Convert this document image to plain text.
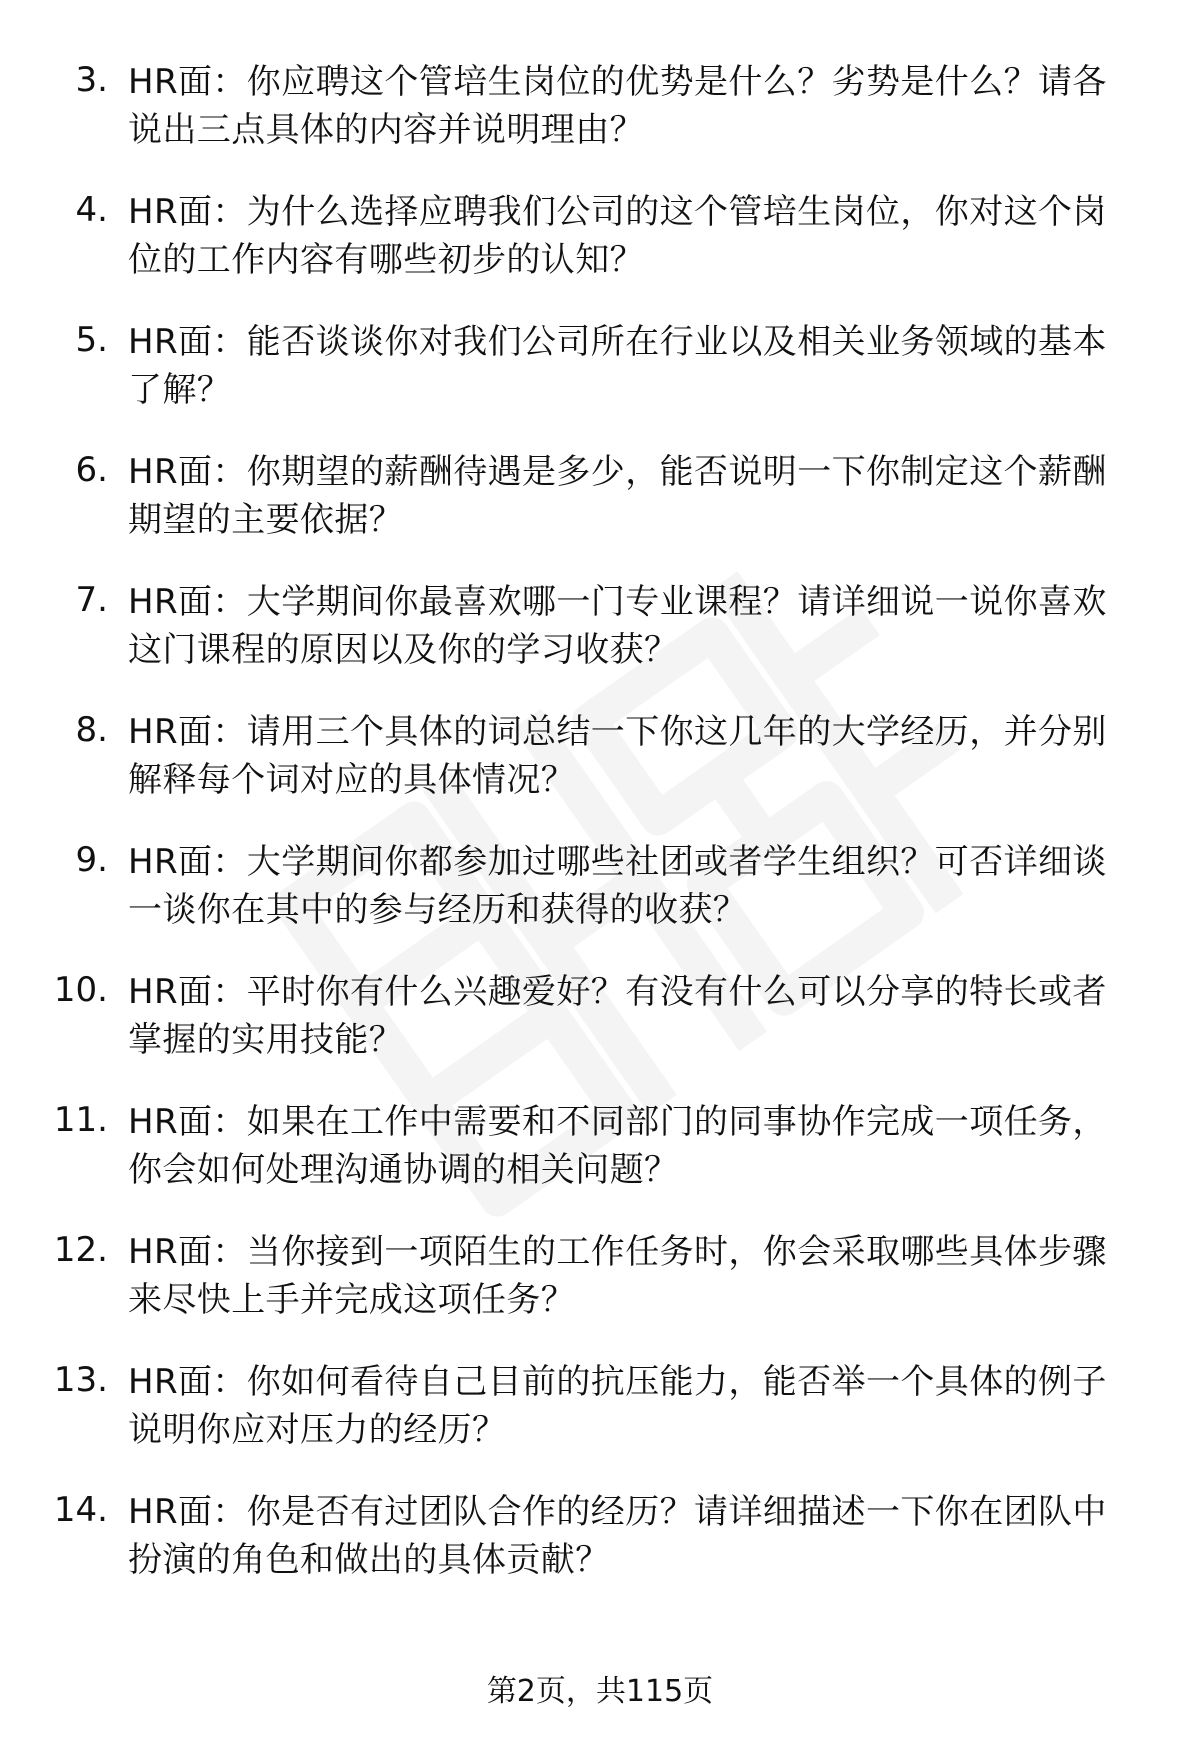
3. HR面：你应聘这个管培生岗位的优势是什么？劣势是什么？请各
说出三点具体的内容并说明理由？
4. HR面：为什么选择应聘我们公司的这个管培生岗位，你对这个岗
位的工作内容有哪些初步的认知？
5. HR面：能否谈谈你对我们公司所在行业以及相关业务领域的基本
了解？
6. HR面：你期望的薪酬待遇是多少，能否说明一下你制定这个薪酬
期望的主要依据？
7. HR面：大学期间你最喜欢哪一门专业课程？请详细说一说你喜欢
这门课程的原因以及你的学习收获？
8. HR面：请用三个具体的词总结一下你这几年的大学经历，并分别
解释每个词对应的具体情况？
9. HR面：大学期间你都参加过哪些社团或者学生组织？可否详细谈
一谈你在其中的参与经历和获得的收获？
10. HR面：平时你有什么兴趣爱好？有没有什么可以分享的特长或者
掌握的实用技能？
11. HR面：如果在工作中需要和不同部门的同事协作完成一项任务，
你会如何处理沟通协调的相关问题？
12. HR面：当你接到一项陌生的工作任务时，你会采取哪些具体步骤
来尽快上手并完成这项任务？
13. HR面：你如何看待自己目前的抗压能力，能否举一个具体的例子
说明你应对压力的经历？
14. HR面：你是否有过团队合作的经历？请详细描述一下你在团队中
扮演的角色和做出的具体贡献？
第2页，共115页
